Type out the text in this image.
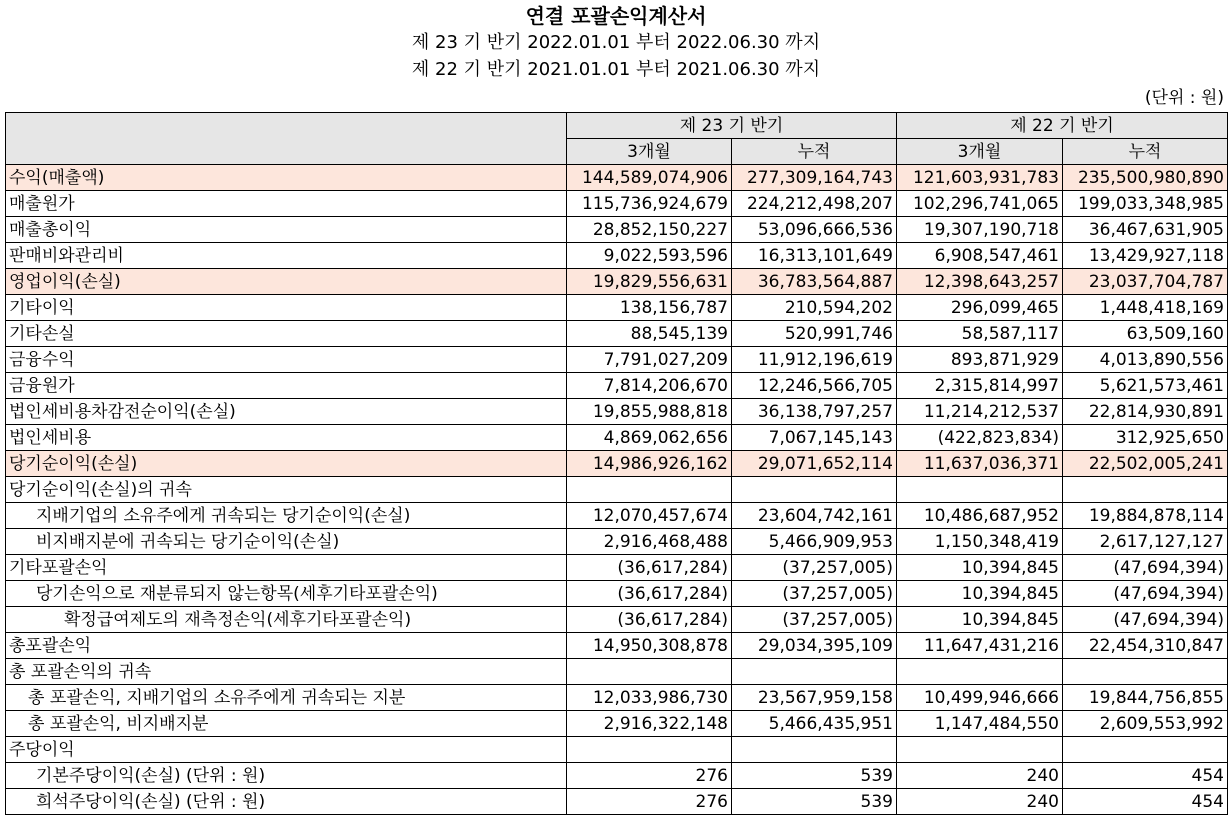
연결 포괄손익계산서
제 23 기 반기 2022.01.01 부터 2022.06.30 까지
제 22 기 반기 2021.01.01 부터 2021.06.30 까지
(단위 : 원)
	제 23 기 반기		제 22 기 반기	
	3개월	누적	3개월	누적
수익(매출액)	144,589,074,906	277,309,164,743	121,603,931,783	235,500,980,890
매출원가	115,736,924,679	224,212,498,207	102,296,741,065	199,033,348,985
매출총이익	28,852,150,227	53,096,666,536	19,307,190,718	36,467,631,905
판매비와관리비	9,022,593,596	16,313,101,649	6,908,547,461	13,429,927,118
영업이익(손실)	19,829,556,631	36,783,564,887	12,398,643,257	23,037,704,787
기타이익	138,156,787	210,594,202	296,099,465	1,448,418,169
기타손실	88,545,139	520,991,746	58,587,117	63,509,160
금융수익	7,791,027,209	11,912,196,619	893,871,929	4,013,890,556
금융원가	7,814,206,670	12,246,566,705	2,315,814,997	5,621,573,461
법인세비용차감전순이익(손실)	19,855,988,818	36,138,797,257	11,214,212,537	22,814,930,891
법인세비용	4,869,062,656	7,067,145,143	(422,823,834)	312,925,650
당기순이익(손실)	14,986,926,162	29,071,652,114	11,637,036,371	22,502,005,241
당기순이익(손실)의 귀속				
지배기업의 소유주에게 귀속되는 당기순이익(손실)	12,070,457,674	23,604,742,161	10,486,687,952	19,884,878,114
비지배지분에 귀속되는 당기순이익(손실)	2,916,468,488	5,466,909,953	1,150,348,419	2,617,127,127
기타포괄손익	(36,617,284)	(37,257,005)	10,394,845	(47,694,394)
당기손익으로 재분류되지 않는항목(세후기타포괄손익)	(36,617,284)	(37,257,005)	10,394,845	(47,694,394)
확정급여제도의 재측정손익(세후기타포괄손익)	(36,617,284)	(37,257,005)	10,394,845	(47,694,394)
총포괄손익	14,950,308,878	29,034,395,109	11,647,431,216	22,454,310,847
총 포괄손익의 귀속				
총 포괄손익, 지배기업의 소유주에게 귀속되는 지분	12,033,986,730	23,567,959,158	10,499,946,666	19,844,756,855
총 포괄손익, 비지배지분	2,916,322,148	5,466,435,951	1,147,484,550	2,609,553,992
주당이익				
기본주당이익(손실) (단위 : 원)	276	539	240	454
희석주당이익(손실) (단위 : 원)	276	539	240	454
